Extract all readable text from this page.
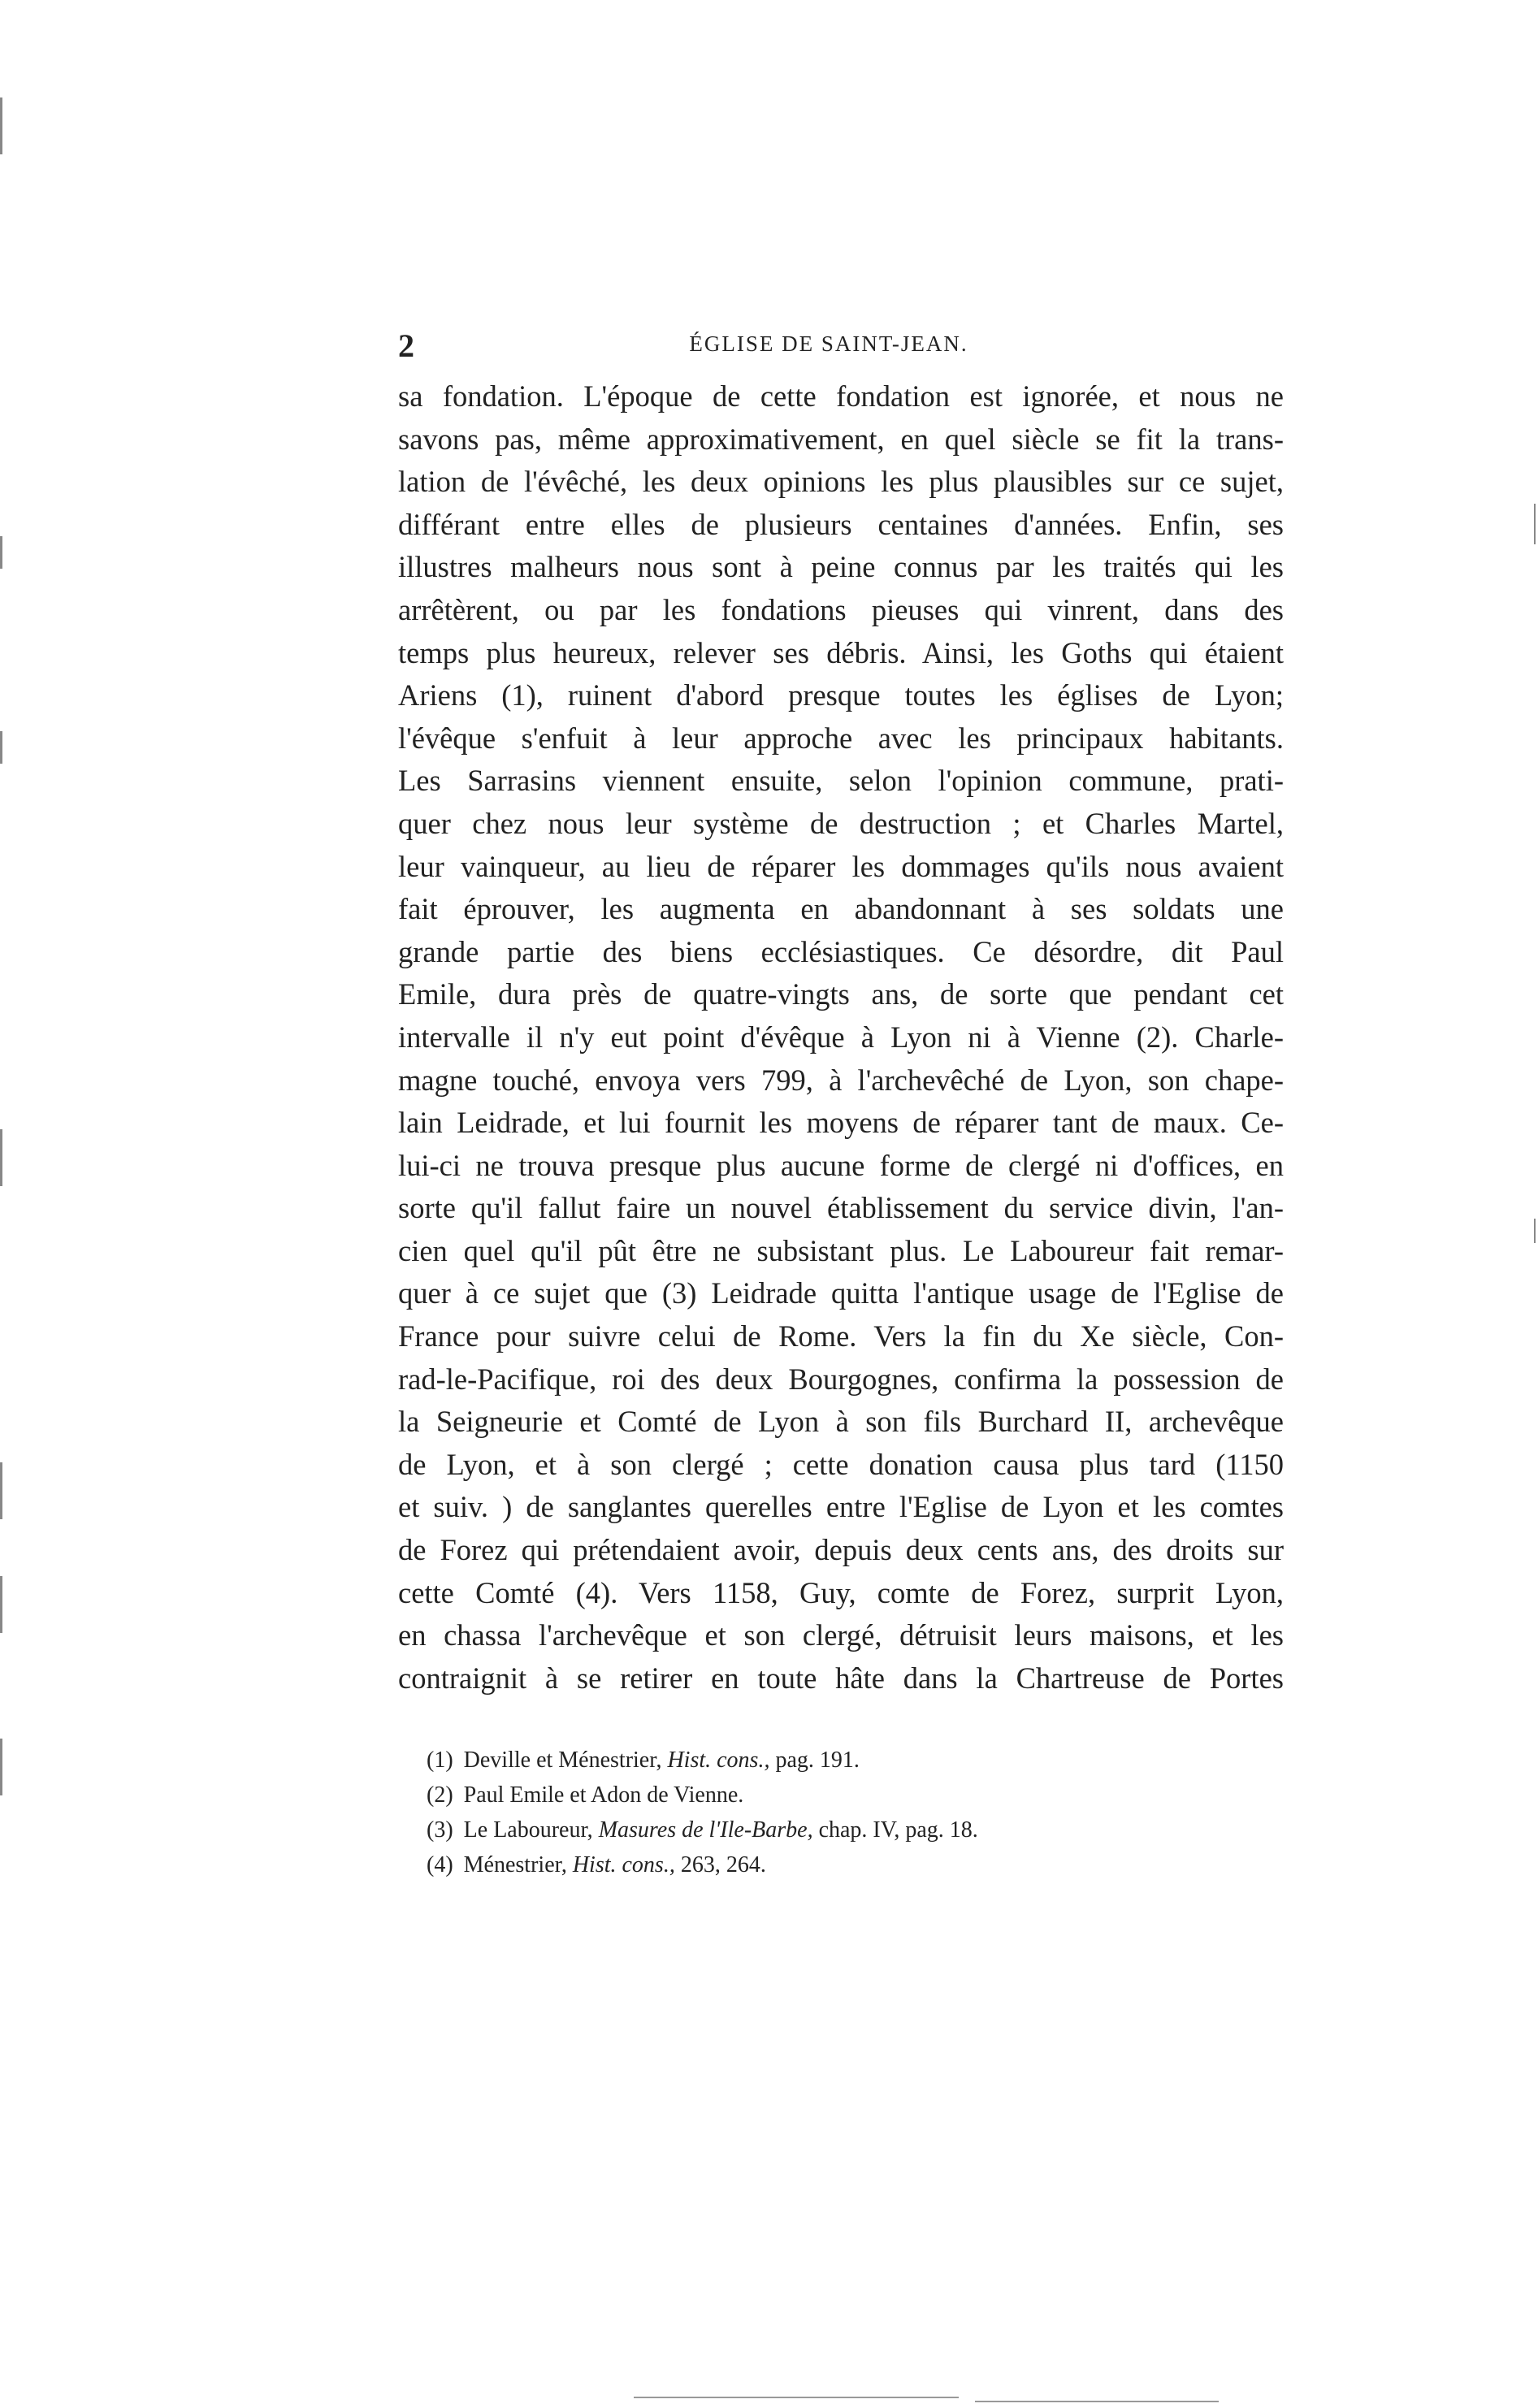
2	ÉGLISE DE SAINT-JEAN.
sa fondation. L'époque de cette fondation est ignorée, et nous ne
savons pas, même approximativement, en quel siècle se fit la trans-
lation de l'évêché, les deux opinions les plus plausibles sur ce sujet,
différant entre elles de plusieurs centaines d'années. Enfin, ses
illustres malheurs nous sont à peine connus par les traités qui les
arrêtèrent, ou par les fondations pieuses qui vinrent, dans des
temps plus heureux, relever ses débris. Ainsi, les Goths qui étaient
Ariens (1), ruinent d'abord presque toutes les églises de Lyon;
l'évêque s'enfuit à leur approche avec les principaux habitants.
Les Sarrasins viennent ensuite, selon l'opinion commune, prati-
quer chez nous leur système de destruction ; et Charles Martel,
leur vainqueur, au lieu de réparer les dommages qu'ils nous avaient
fait éprouver, les augmenta en abandonnant à ses soldats une
grande partie des biens ecclésiastiques. Ce désordre, dit Paul
Emile, dura près de quatre-vingts ans, de sorte que pendant cet
intervalle il n'y eut point d'évêque à Lyon ni à Vienne (2). Charle-
magne touché, envoya vers 799, à l'archevêché de Lyon, son chape-
lain Leidrade, et lui fournit les moyens de réparer tant de maux. Ce-
lui-ci ne trouva presque plus aucune forme de clergé ni d'offices, en
sorte qu'il fallut faire un nouvel établissement du service divin, l'an-
cien quel qu'il pût être ne subsistant plus. Le Laboureur fait remar-
quer à ce sujet que (3) Leidrade quitta l'antique usage de l'Eglise de
France pour suivre celui de Rome. Vers la fin du Xe siècle, Con-
rad-le-Pacifique, roi des deux Bourgognes, confirma la possession de
la Seigneurie et Comté de Lyon à son fils Burchard II, archevêque
de Lyon, et à son clergé ; cette donation causa plus tard (1150
et suiv. ) de sanglantes querelles entre l'Eglise de Lyon et les comtes
de Forez qui prétendaient avoir, depuis deux cents ans, des droits sur
cette Comté (4). Vers 1158, Guy, comte de Forez, surprit Lyon,
en chassa l'archevêque et son clergé, détruisit leurs maisons, et les
contraignit à se retirer en toute hâte dans la Chartreuse de Portes
(1) Deville et Ménestrier, Hist. cons., pag. 191.
(2) Paul Emile et Adon de Vienne.
(3) Le Laboureur, Masures de l'Ile-Barbe, chap. IV, pag. 18.
(4) Ménestrier, Hist. cons., 263, 264.
